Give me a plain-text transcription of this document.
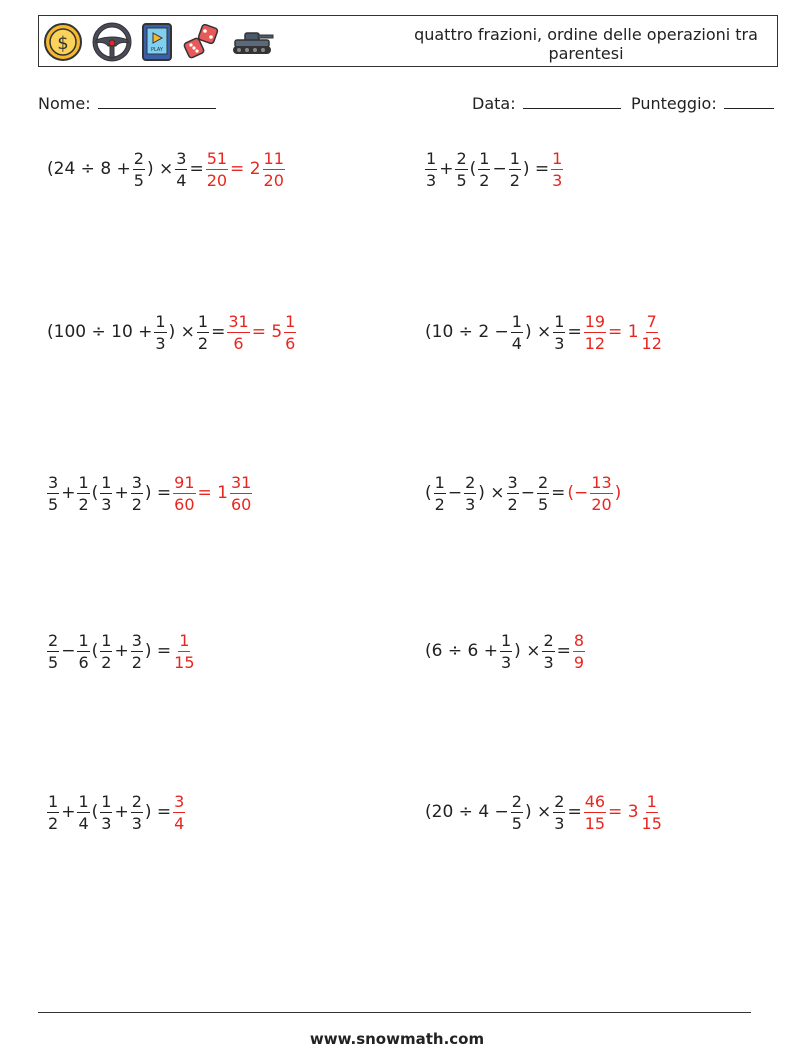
$	PLAY
quattro frazioni, ordine delle operazioni tra parentesi
Nome:	Data:	Punteggio:
($24 \div 8 + \frac{2}{5}$ ) × $\frac{3}{4} = \frac{51}{20} = 2 \frac{11}{20}$	$\frac{1}{3} + \frac{2}{5}$ ( $\frac{1}{2} - \frac{1}{2}$ ) = $\frac{1}{3}$
($100 \div 10 + \frac{1}{3}$ ) × $\frac{1}{2} = \frac{31}{6} = 5 \frac{1}{6}$	($10 \div 2 - \frac{1}{4}$ ) × $\frac{1}{3} = \frac{19}{12} = 1 \frac{7}{12}$
$\frac{3}{5} + \frac{1}{2}$ ( $\frac{1}{3} + \frac{3}{2}$ ) = $\frac{91}{60} = 1 \frac{31}{60}$	( $\frac{1}{2} - \frac{2}{3}$ ) × $\frac{3}{2} - \frac{2}{5}$ = (− $\frac{13}{20}$ )
$\frac{2}{5} - \frac{1}{6}$ ( $\frac{1}{2} + \frac{3}{2}$ ) = $\frac{1}{15}$	($6 \div 6 + \frac{1}{3}$ ) × $\frac{2}{3} = \frac{8}{9}$
$\frac{1}{2} + \frac{1}{4}$ ( $\frac{1}{3} + \frac{2}{3}$ ) = $\frac{3}{4}$	($20 \div 4 - \frac{2}{5}$ ) × $\frac{2}{3} = \frac{46}{15} = 3 \frac{1}{15}$
www.snowmath.com
